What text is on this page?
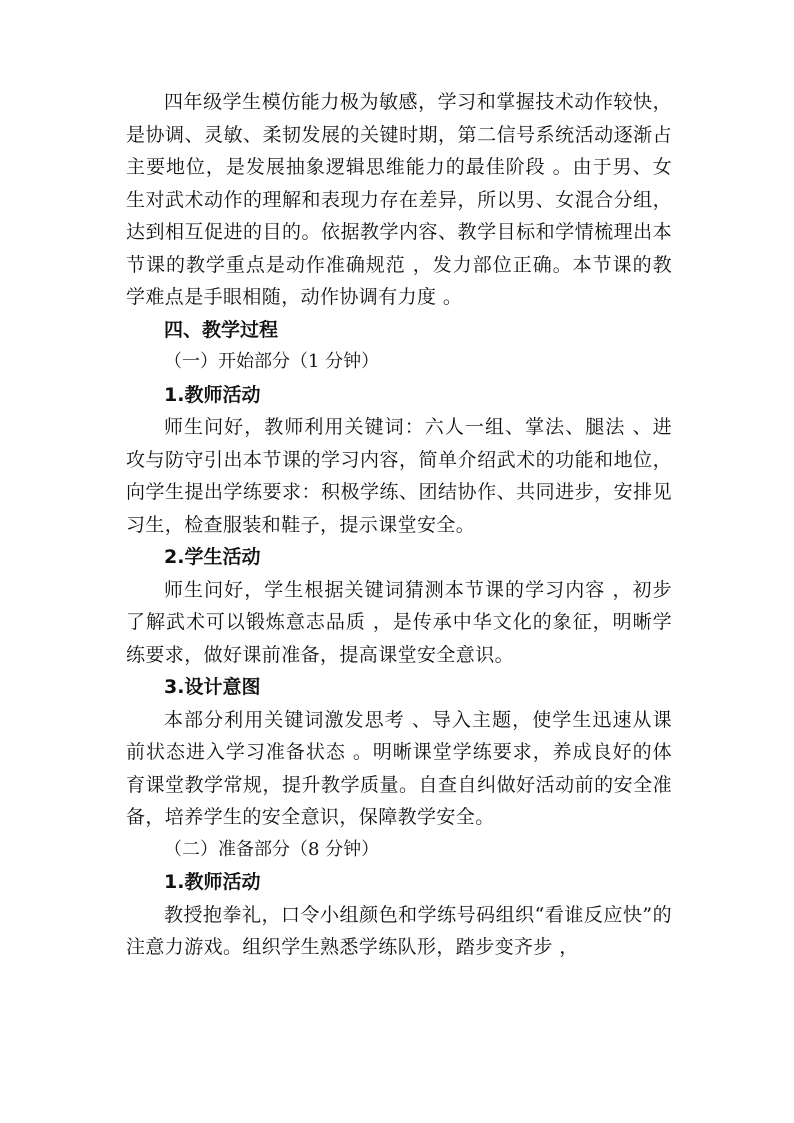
四年级学生模仿能力极为敏感，学习和掌握技术动作较快，是协调、灵敏、柔韧发展的关键时期，第二信号系统活动逐渐占主要地位，是发展抽象逻辑思维能力的最佳阶段 。由于男、女生对武术动作的理解和表现力存在差异，所以男、女混合分组，达到相互促进的目的。依据教学内容、教学目标和学情梳理出本节课的教学重点是动作准确规范 ，发力部位正确。本节课的教学难点是手眼相随，动作协调有力度 。

四、教学过程

（一）开始部分（1 分钟）

1.教师活动

师生问好，教师利用关键词：六人一组、掌法、腿法 、进攻与防守引出本节课的学习内容，简单介绍武术的功能和地位，向学生提出学练要求：积极学练、团结协作、共同进步，安排见习生，检查服装和鞋子，提示课堂安全。

2.学生活动

师生问好，学生根据关键词猜测本节课的学习内容 ，初步了解武术可以锻炼意志品质 ，是传承中华文化的象征，明晰学练要求，做好课前准备，提高课堂安全意识。

3.设计意图

本部分利用关键词激发思考 、导入主题，使学生迅速从课前状态进入学习准备状态 。明晰课堂学练要求，养成良好的体育课堂教学常规，提升教学质量。自查自纠做好活动前的安全准备，培养学生的安全意识，保障教学安全。

（二）准备部分（8 分钟）

1.教师活动

教授抱拳礼，口令小组颜色和学练号码组织“看谁反应快”的注意力游戏。组织学生熟悉学练队形，踏步变齐步 ，
